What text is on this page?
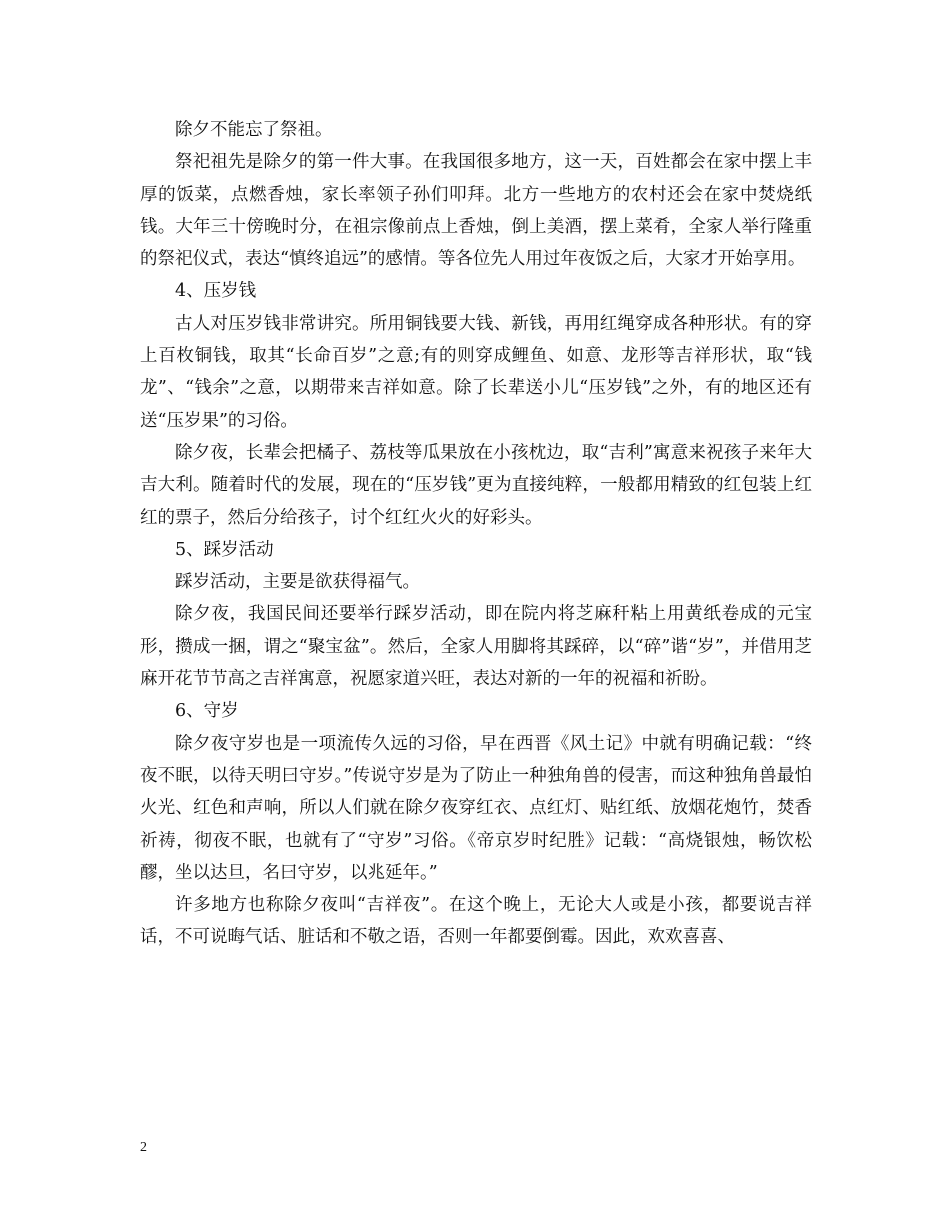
除夕不能忘了祭祖。

祭祀祖先是除夕的第一件大事。在我国很多地方，这一天，百姓都会在家中摆上丰厚的饭菜，点燃香烛，家长率领子孙们叩拜。北方一些地方的农村还会在家中焚烧纸钱。大年三十傍晚时分，在祖宗像前点上香烛，倒上美酒，摆上菜肴，全家人举行隆重的祭祀仪式，表达“慎终追远”的感情。等各位先人用过年夜饭之后，大家才开始享用。

4、压岁钱

古人对压岁钱非常讲究。所用铜钱要大钱、新钱，再用红绳穿成各种形状。有的穿上百枚铜钱，取其“长命百岁”之意;有的则穿成鲤鱼、如意、龙形等吉祥形状，取“钱龙”、“钱余”之意，以期带来吉祥如意。除了长辈送小儿“压岁钱”之外，有的地区还有送“压岁果”的习俗。

除夕夜，长辈会把橘子、荔枝等瓜果放在小孩枕边，取“吉利”寓意来祝孩子来年大吉大利。随着时代的发展，现在的“压岁钱”更为直接纯粹，一般都用精致的红包装上红红的票子，然后分给孩子，讨个红红火火的好彩头。

5、踩岁活动

踩岁活动，主要是欲获得福气。

除夕夜，我国民间还要举行踩岁活动，即在院内将芝麻秆粘上用黄纸卷成的元宝形，攒成一捆，谓之“聚宝盆”。然后，全家人用脚将其踩碎，以“碎”谐“岁”，并借用芝麻开花节节高之吉祥寓意，祝愿家道兴旺，表达对新的一年的祝福和祈盼。

6、守岁

除夕夜守岁也是一项流传久远的习俗，早在西晋《风土记》中就有明确记载：“终夜不眠，以待天明曰守岁。”传说守岁是为了防止一种独角兽的侵害，而这种独角兽最怕火光、红色和声响，所以人们就在除夕夜穿红衣、点红灯、贴红纸、放烟花炮竹，焚香祈祷，彻夜不眠，也就有了“守岁”习俗。《帝京岁时纪胜》记载：“高烧银烛，畅饮松醪，坐以达旦，名曰守岁，以兆延年。”

许多地方也称除夕夜叫“吉祥夜”。在这个晚上，无论大人或是小孩，都要说吉祥话，不可说晦气话、脏话和不敬之语，否则一年都要倒霉。因此，欢欢喜喜、

2
